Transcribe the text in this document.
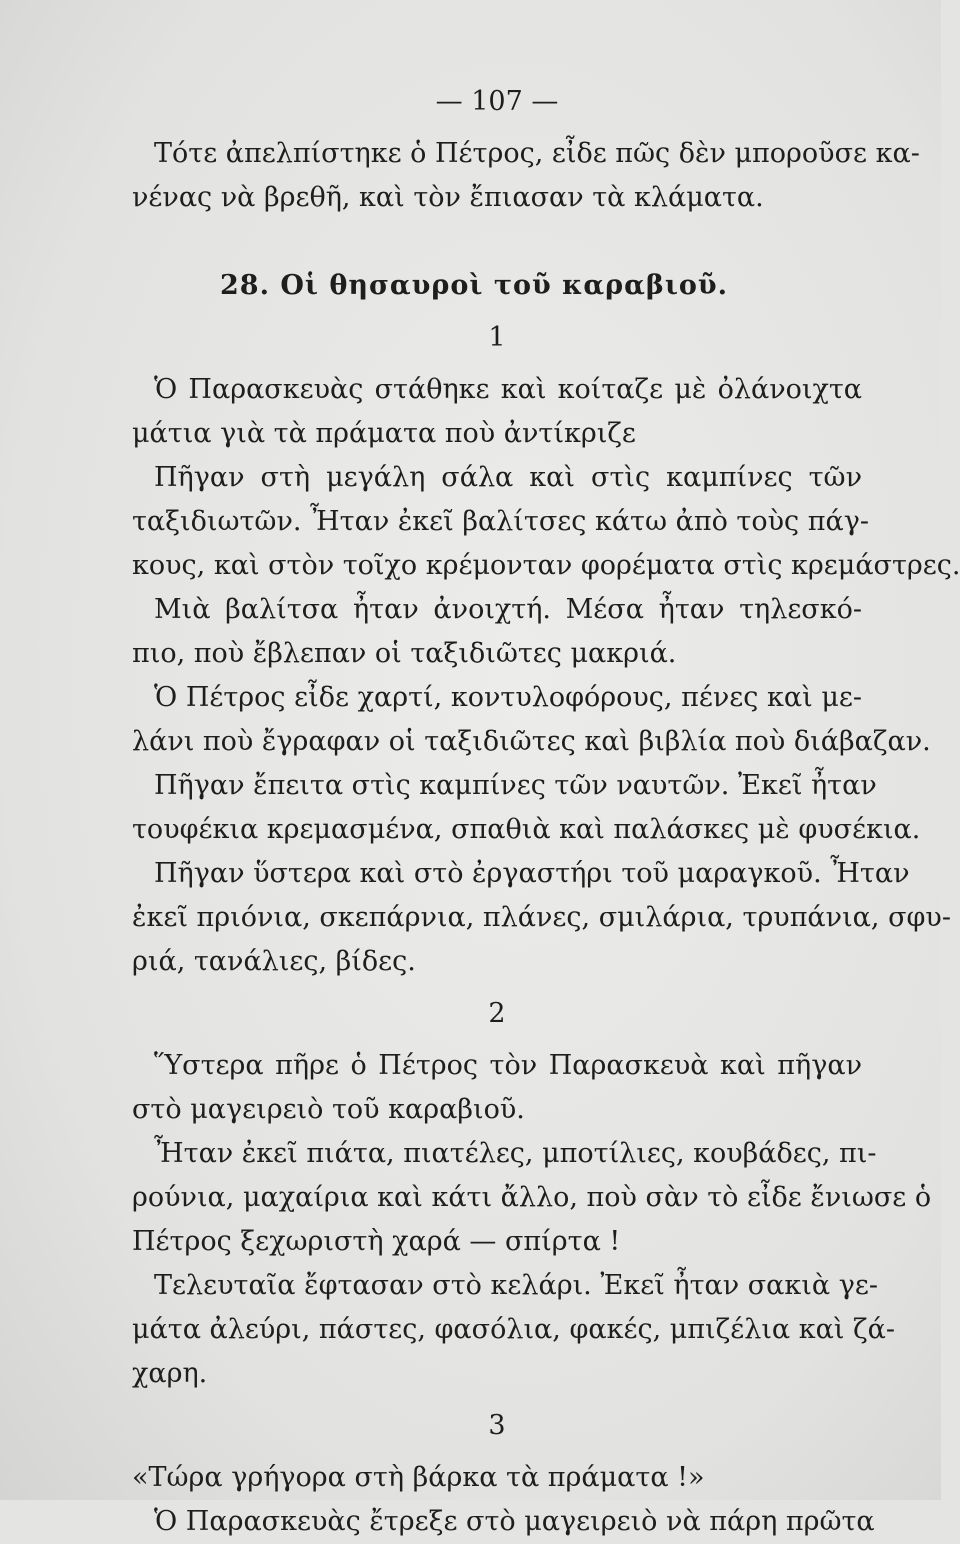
— 107 —
Τότε ἀπελπίστηκε ὁ Πέτρος, εἶδε πῶς δὲν μποροῦσε κα-
νένας νὰ βρεθῆ, καὶ τὸν ἔπιασαν τὰ κλάματα.
28. Οἱ θησαυροὶ τοῦ καραβιοῦ.
1
Ὁ Παρασκευὰς στάθηκε καὶ κοίταζε μὲ ὀλάνοιχτα
μάτια γιὰ τὰ πράματα ποὺ ἀντίκριζε
Πῆγαν στὴ μεγάλη σάλα καὶ στὶς καμπίνες τῶν
ταξιδιωτῶν. Ἦταν ἐκεῖ βαλίτσες κάτω ἀπὸ τοὺς πάγ-
κους, καὶ στὸν τοῖχο κρέμονταν φορέματα στὶς κρεμάστρες.
Μιὰ βαλίτσα ἦταν ἀνοιχτή. Μέσα ἦταν τηλεσκό-
πιο, ποὺ ἔβλεπαν οἱ ταξιδιῶτες μακριά.
Ὁ Πέτρος εἶδε χαρτί, κοντυλοφόρους, πένες καὶ με-
λάνι ποὺ ἔγραφαν οἱ ταξιδιῶτες καὶ βιβλία ποὺ διάβαζαν.
Πῆγαν ἔπειτα στὶς καμπίνες τῶν ναυτῶν. Ἐκεῖ ἦταν
τουφέκια κρεμασμένα, σπαθιὰ καὶ παλάσκες μὲ φυσέκια.
Πῆγαν ὕστερα καὶ στὸ ἐργαστήρι τοῦ μαραγκοῦ. Ἦταν
ἐκεῖ πριόνια, σκεπάρνια, πλάνες, σμιλάρια, τρυπάνια, σφυ-
ριά, τανάλιες, βίδες.
2
Ὕστερα πῆρε ὁ Πέτρος τὸν Παρασκευὰ καὶ πῆγαν
στὸ μαγειρειὸ τοῦ καραβιοῦ.
Ἦταν ἐκεῖ πιάτα, πιατέλες, μποτίλιες, κουβάδες, πι-
ρούνια, μαχαίρια καὶ κάτι ἄλλο, ποὺ σὰν τὸ εἶδε ἔνιωσε ὁ
Πέτρος ξεχωριστὴ χαρά — σπίρτα !
Τελευταῖα ἔφτασαν στὸ κελάρι. Ἐκεῖ ἦταν σακιὰ γε-
μάτα ἀλεύρι, πάστες, φασόλια, φακές, μπιζέλια καὶ ζά-
χαρη.
3
«Τώρα γρήγορα στὴ βάρκα τὰ πράματα !»
Ὁ Παρασκευὰς ἔτρεξε στὸ μαγειρειὸ νὰ πάρη πρῶτα
